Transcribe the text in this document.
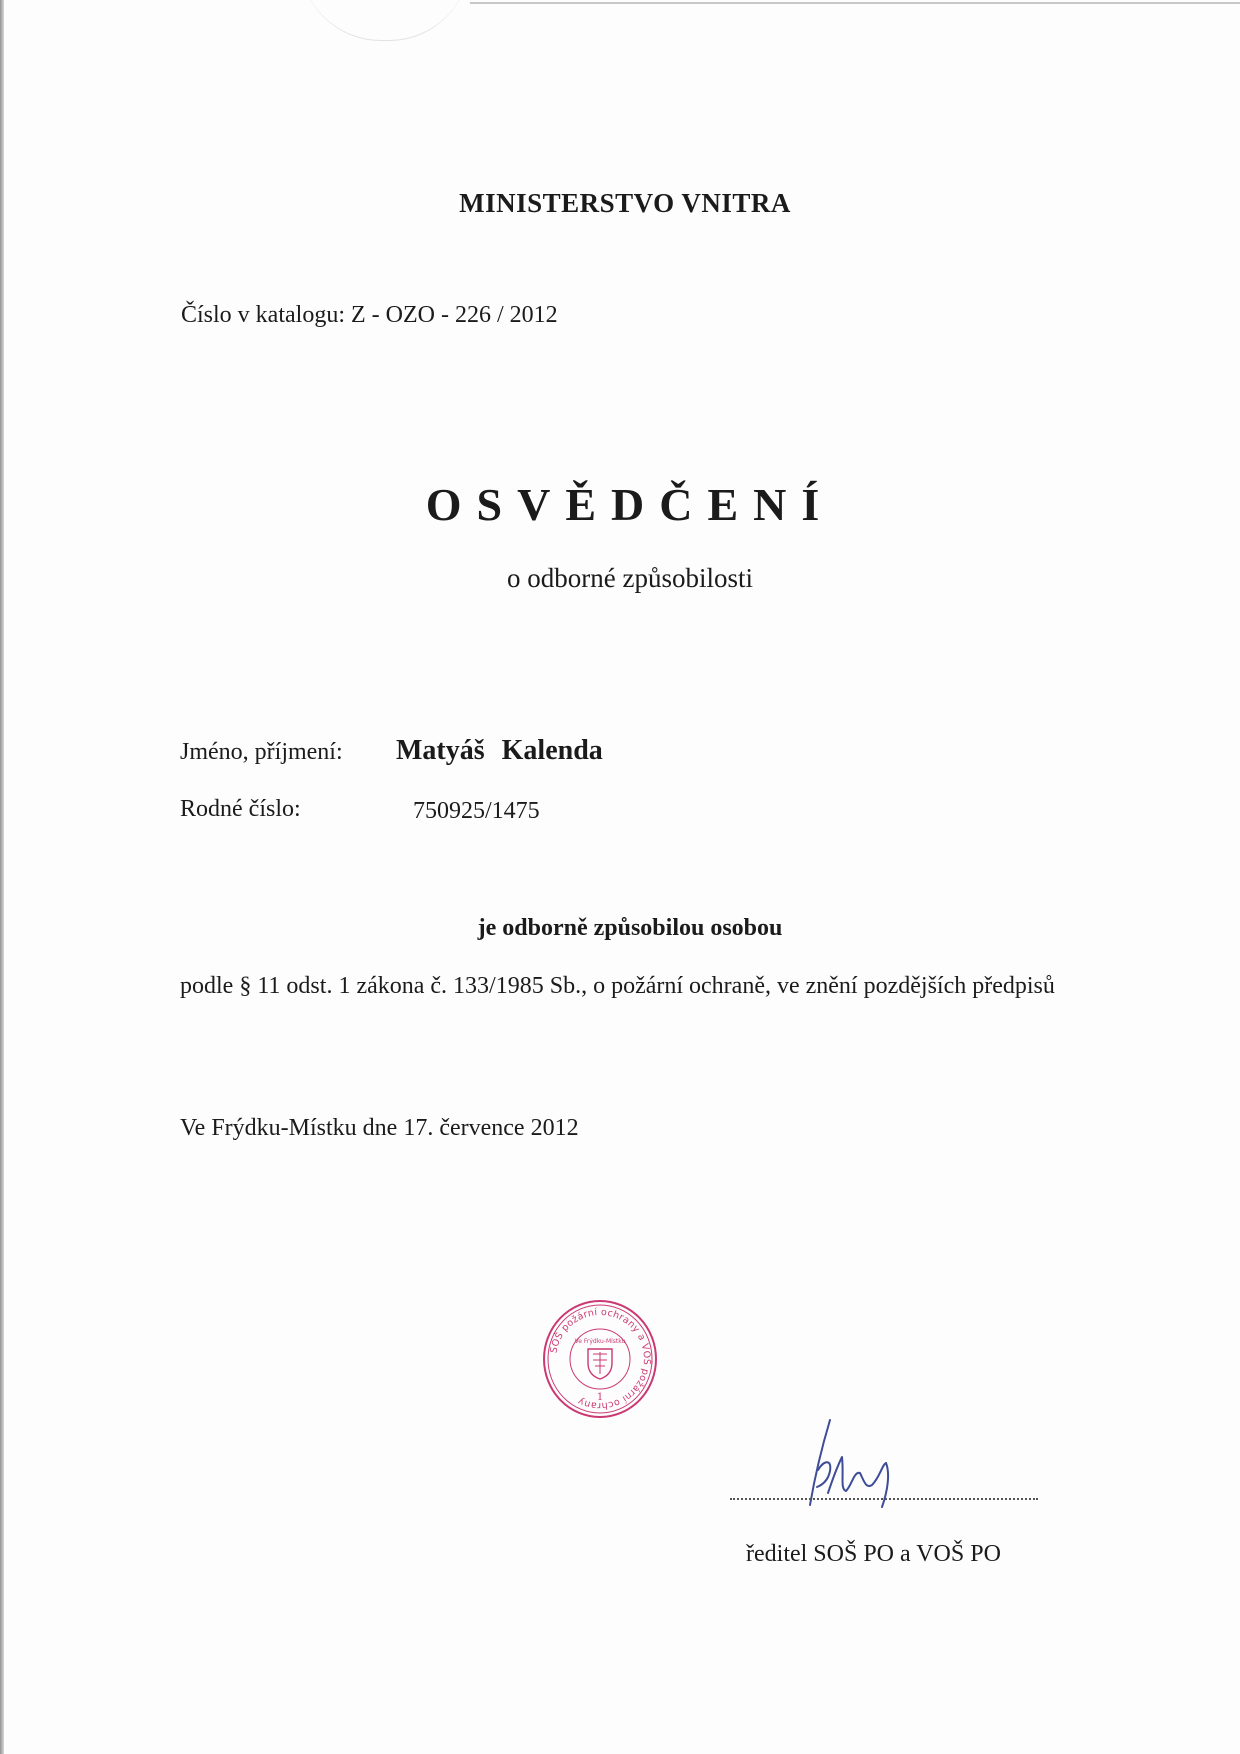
MINISTERSTVO VNITRA

Číslo v katalogu: Z - OZO - 226 / 2012

OSVĚDČENÍ

o odborné způsobilosti

Jméno, příjmení: Matyáš Kalenda

Rodné číslo:	750925/1475

je odborně způsobilou osobou

podle § 11 odst. 1 zákona č. 133/1985 Sb., o požární ochraně, ve znění pozdějších předpisů

Ve Frýdku-Místku dne 17. července 2012

SOŠ požární ochrany a VOŠ požární ochrany
Ve Frýdku-Místku
1

ředitel SOŠ PO a VOŠ PO
